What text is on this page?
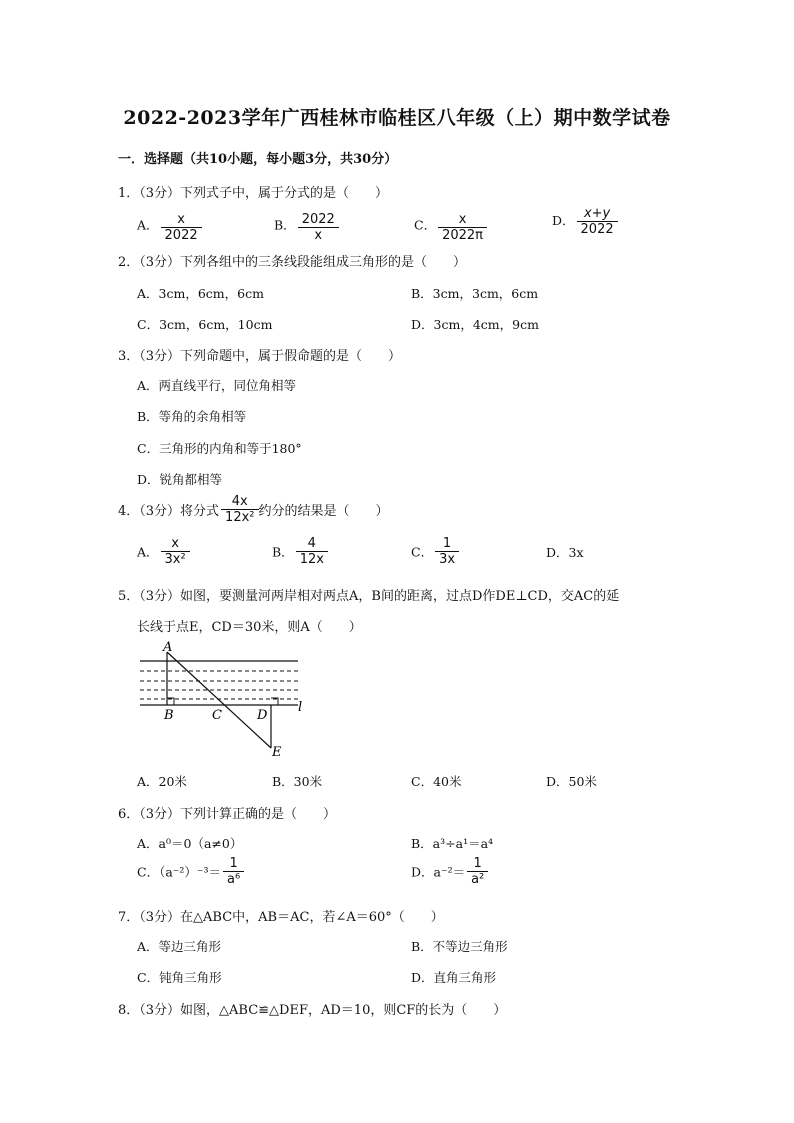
2022-2023学年广西桂林市临桂区八年级（上）期中数学试卷
一．选择题（共10小题，每小题3分，共30分）
1．（3分）下列式子中，属于分式的是（　　）
A． $\frac{x}{2022}$	B． $\frac{2022}{x}$	C． $\frac{x}{2022\pi}$	D． $\frac{x+y}{2022}$
2．（3分）下列各组中的三条线段能组成三角形的是（　　）
A．3cm，6cm，6cm	B．3cm，3cm，6cm
C．3cm，6cm，10cm	D．3cm，4cm，9cm
3．（3分）下列命题中，属于假命题的是（　　）
A．两直线平行，同位角相等
B．等角的余角相等
C．三角形的内角和等于180°
D．锐角都相等
4．（3分）将分式 $\frac{4x}{\text{12x²}}$ 约分的结果是（　　）
A． $\frac{x}{\text{3x²}}$	B． $\frac{4}{12x}$	C． $\frac{1}{3x}$	D．3x
5．（3分）如图，要测量河两岸相对两点A，B间的距离，过点D作DE⊥CD，交AC的延
长线于点E，CD＝30米，则A（　　）
A
B	C	D
E
l
A．20米	B．30米	C．40米	D．50米
6．（3分）下列计算正确的是（　　）
A．a⁰＝0（a≠0）	B．a³÷a¹＝a⁴
C．$(a^{-2})^{-3}= \frac{1}{\text{a⁶}}$	D．$a^{-2}= \frac{1}{\text{a²}}$
7．（3分）在△ABC中，AB＝AC，若∠A＝60°（　　）
A．等边三角形	B．不等边三角形
C．钝角三角形	D．直角三角形
8．（3分）如图，△ABC≌△DEF，AD＝10，则CF的长为（　　）
